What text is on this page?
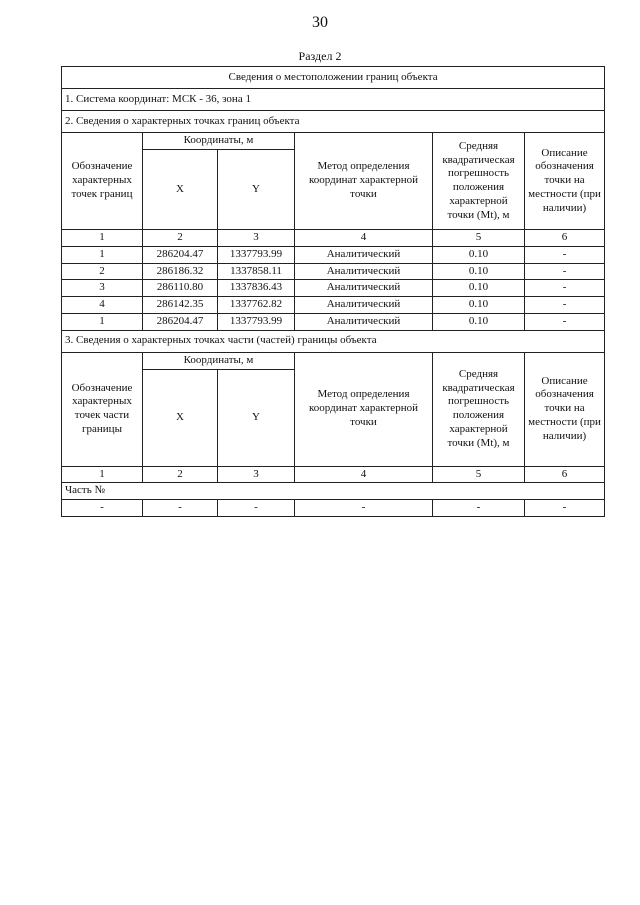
30
Раздел 2
Сведения о местоположении границ объекта					
1. Система координат: МСК - 36, зона 1					
2. Сведения о характерных точках границ объекта					
Обозначение характерных точек границ	Координаты, м		Метод определения координат характерной точки	Средняя квадратическая погрешность положения характерной точки (Mt), м	Описание обозначения точки на местности (при наличии)
	X	Y			
1	2	3	4	5	6
1	286204.47	1337793.99	Аналитический	0.10	-
2	286186.32	1337858.11	Аналитический	0.10	-
3	286110.80	1337836.43	Аналитический	0.10	-
4	286142.35	1337762.82	Аналитический	0.10	-
1	286204.47	1337793.99	Аналитический	0.10	-
3. Сведения о характерных точках части (частей) границы объекта					
Обозначение характерных точек части границы	Координаты, м		Метод определения координат характерной точки	Средняя квадратическая погрешность положения характерной точки (Mt), м	Описание обозначения точки на местности (при наличии)
	X	Y			
1	2	3	4	5	6
Часть №					
-	-	-	-	-	-
